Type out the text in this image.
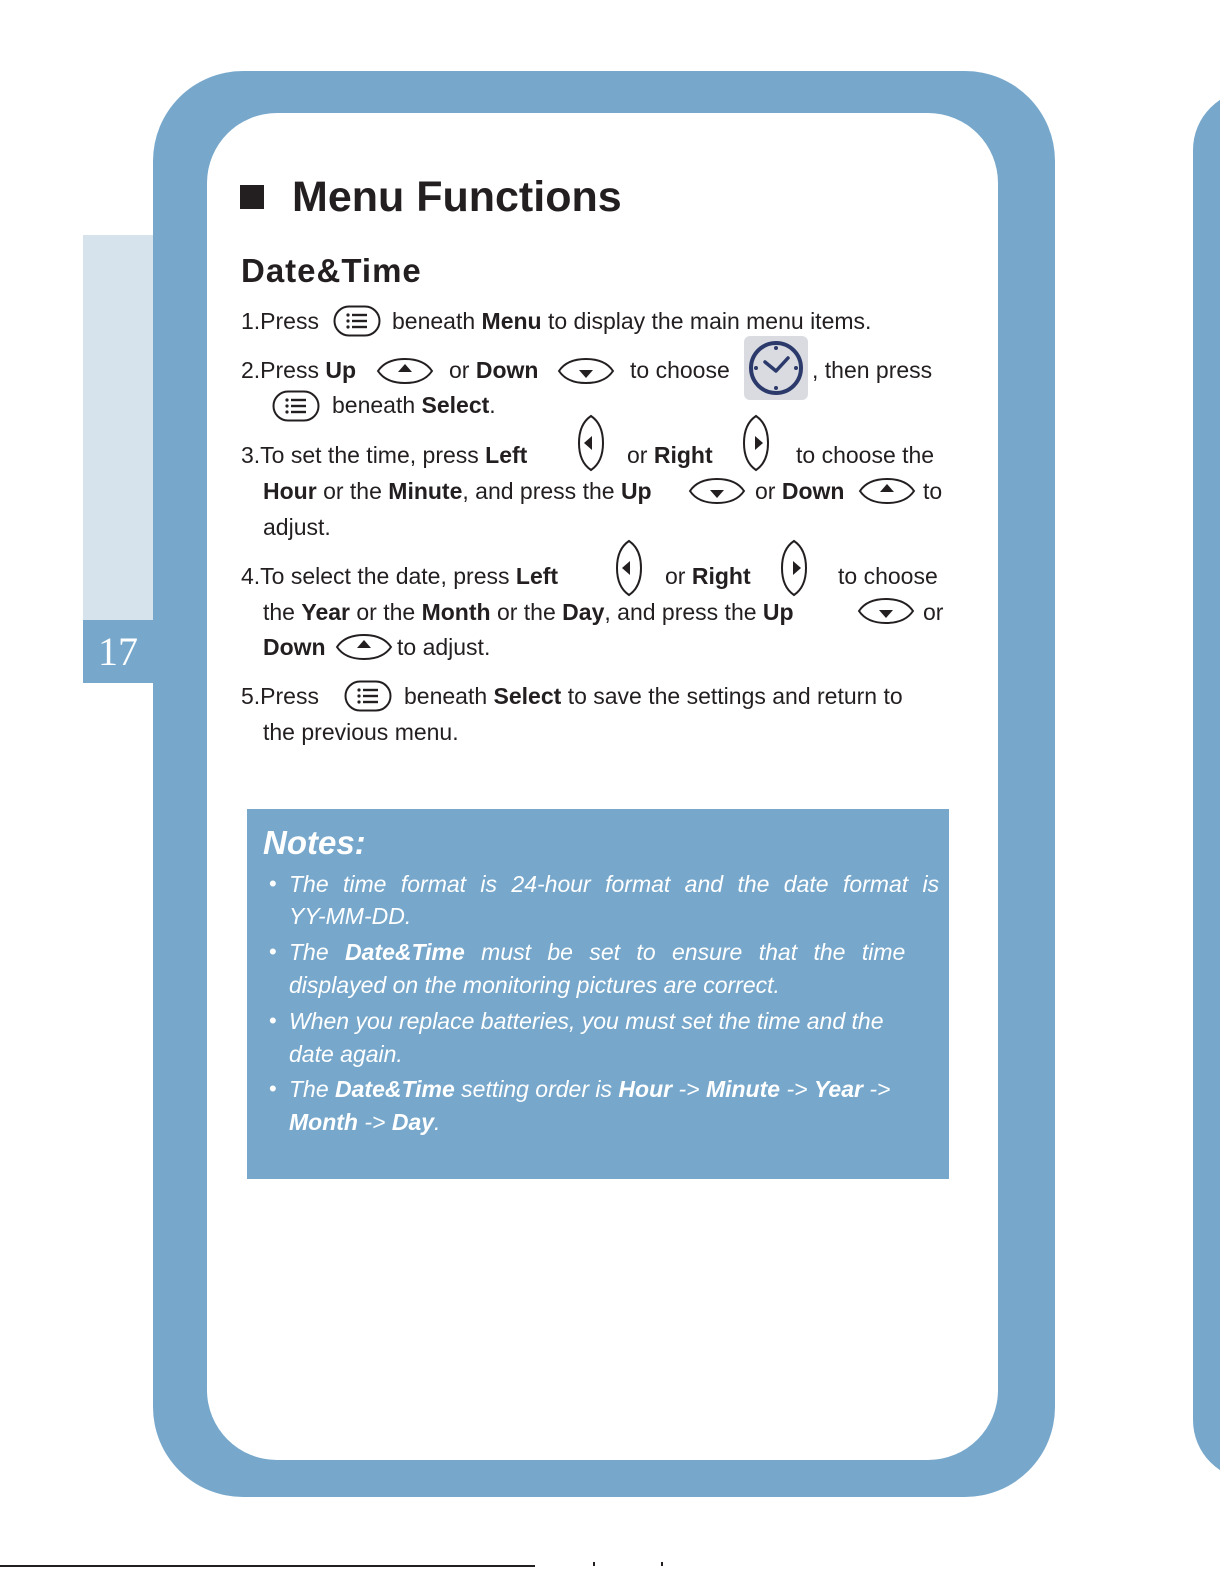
17
Menu Functions
Date&Time
1.Press	beneath Menu to display the main menu items.
2.Press Up	or Down	to choose	, then press
beneath Select.
3.To set the time, press Left	or Right	to choose the
Hour or the Minute, and press the Up	or Down	to
adjust.
4.To select the date, press Left	or Right	to choose
the Year or the Month or the Day, and press the Up	or
Down	to adjust.
5.Press	beneath Select to save the settings and return to
the previous menu.
Notes:
• The time format is 24-hour format and the date format is
YY-MM-DD.
• The Date&Time must be set to ensure that the time
displayed on the monitoring pictures are correct.
• When you replace batteries, you must set the time and the
date again.
• The Date&Time setting order is Hour -> Minute -> Year ->
Month -> Day.
